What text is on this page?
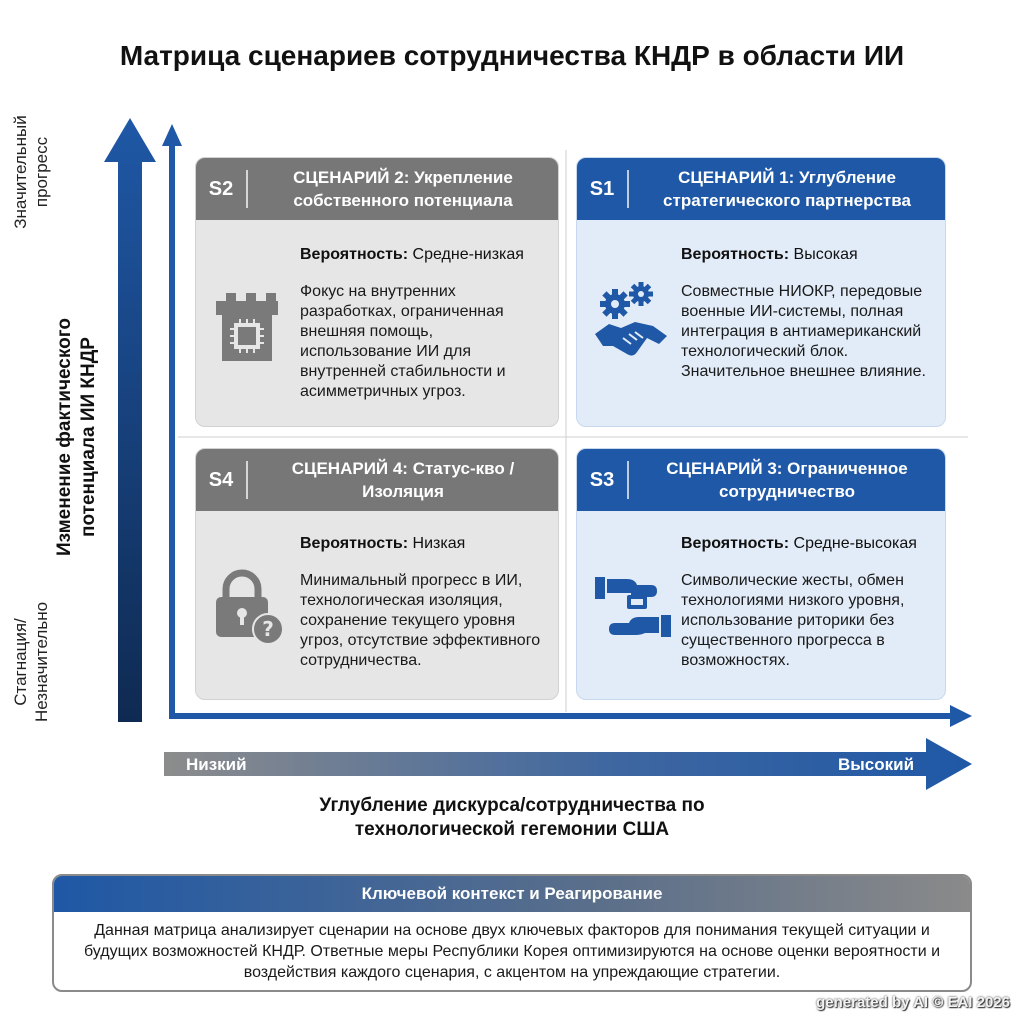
Матрица сценариев сотрудничества КНДР в области ИИ
Значительный
прогресс
Изменение фактического
потенциала ИИ КНДР
Стагнация/
Незначительно
S2
СЦЕНАРИЙ 2: Укрепление собственного потенциала
Вероятность: Средне-низкая
Фокус на внутренних разработках, ограниченная внешняя помощь, использование ИИ для внутренней стабильности и асимметричных угроз.
S1
СЦЕНАРИЙ 1: Углубление стратегического партнерства
Вероятность: Высокая
Совместные НИОКР, передовые военные ИИ-системы, полная интеграция в антиамериканский технологический блок. Значительное внешнее влияние.
S4
СЦЕНАРИЙ 4: Статус-кво / Изоляция
?
Вероятность: Низкая
Минимальный прогресс в ИИ, технологическая изоляция, сохранение текущего уровня угроз, отсутствие эффективного сотрудничества.
S3
СЦЕНАРИЙ 3: Ограниченное сотрудничество
Вероятность: Средне-высокая
Символические жесты, обмен технологиями низкого уровня, использование риторики без существенного прогресса в возможностях.
Низкий	Высокий
Углубление дискурса/сотрудничества по
технологической гегемонии США
Ключевой контекст и Реагирование
Данная матрица анализирует сценарии на основе двух ключевых факторов для понимания текущей ситуации и будущих возможностей КНДР. Ответные меры Республики Корея оптимизируются на основе оценки вероятности и воздействия каждого сценария, с акцентом на упреждающие стратегии.
generated by AI © EAI 2026
